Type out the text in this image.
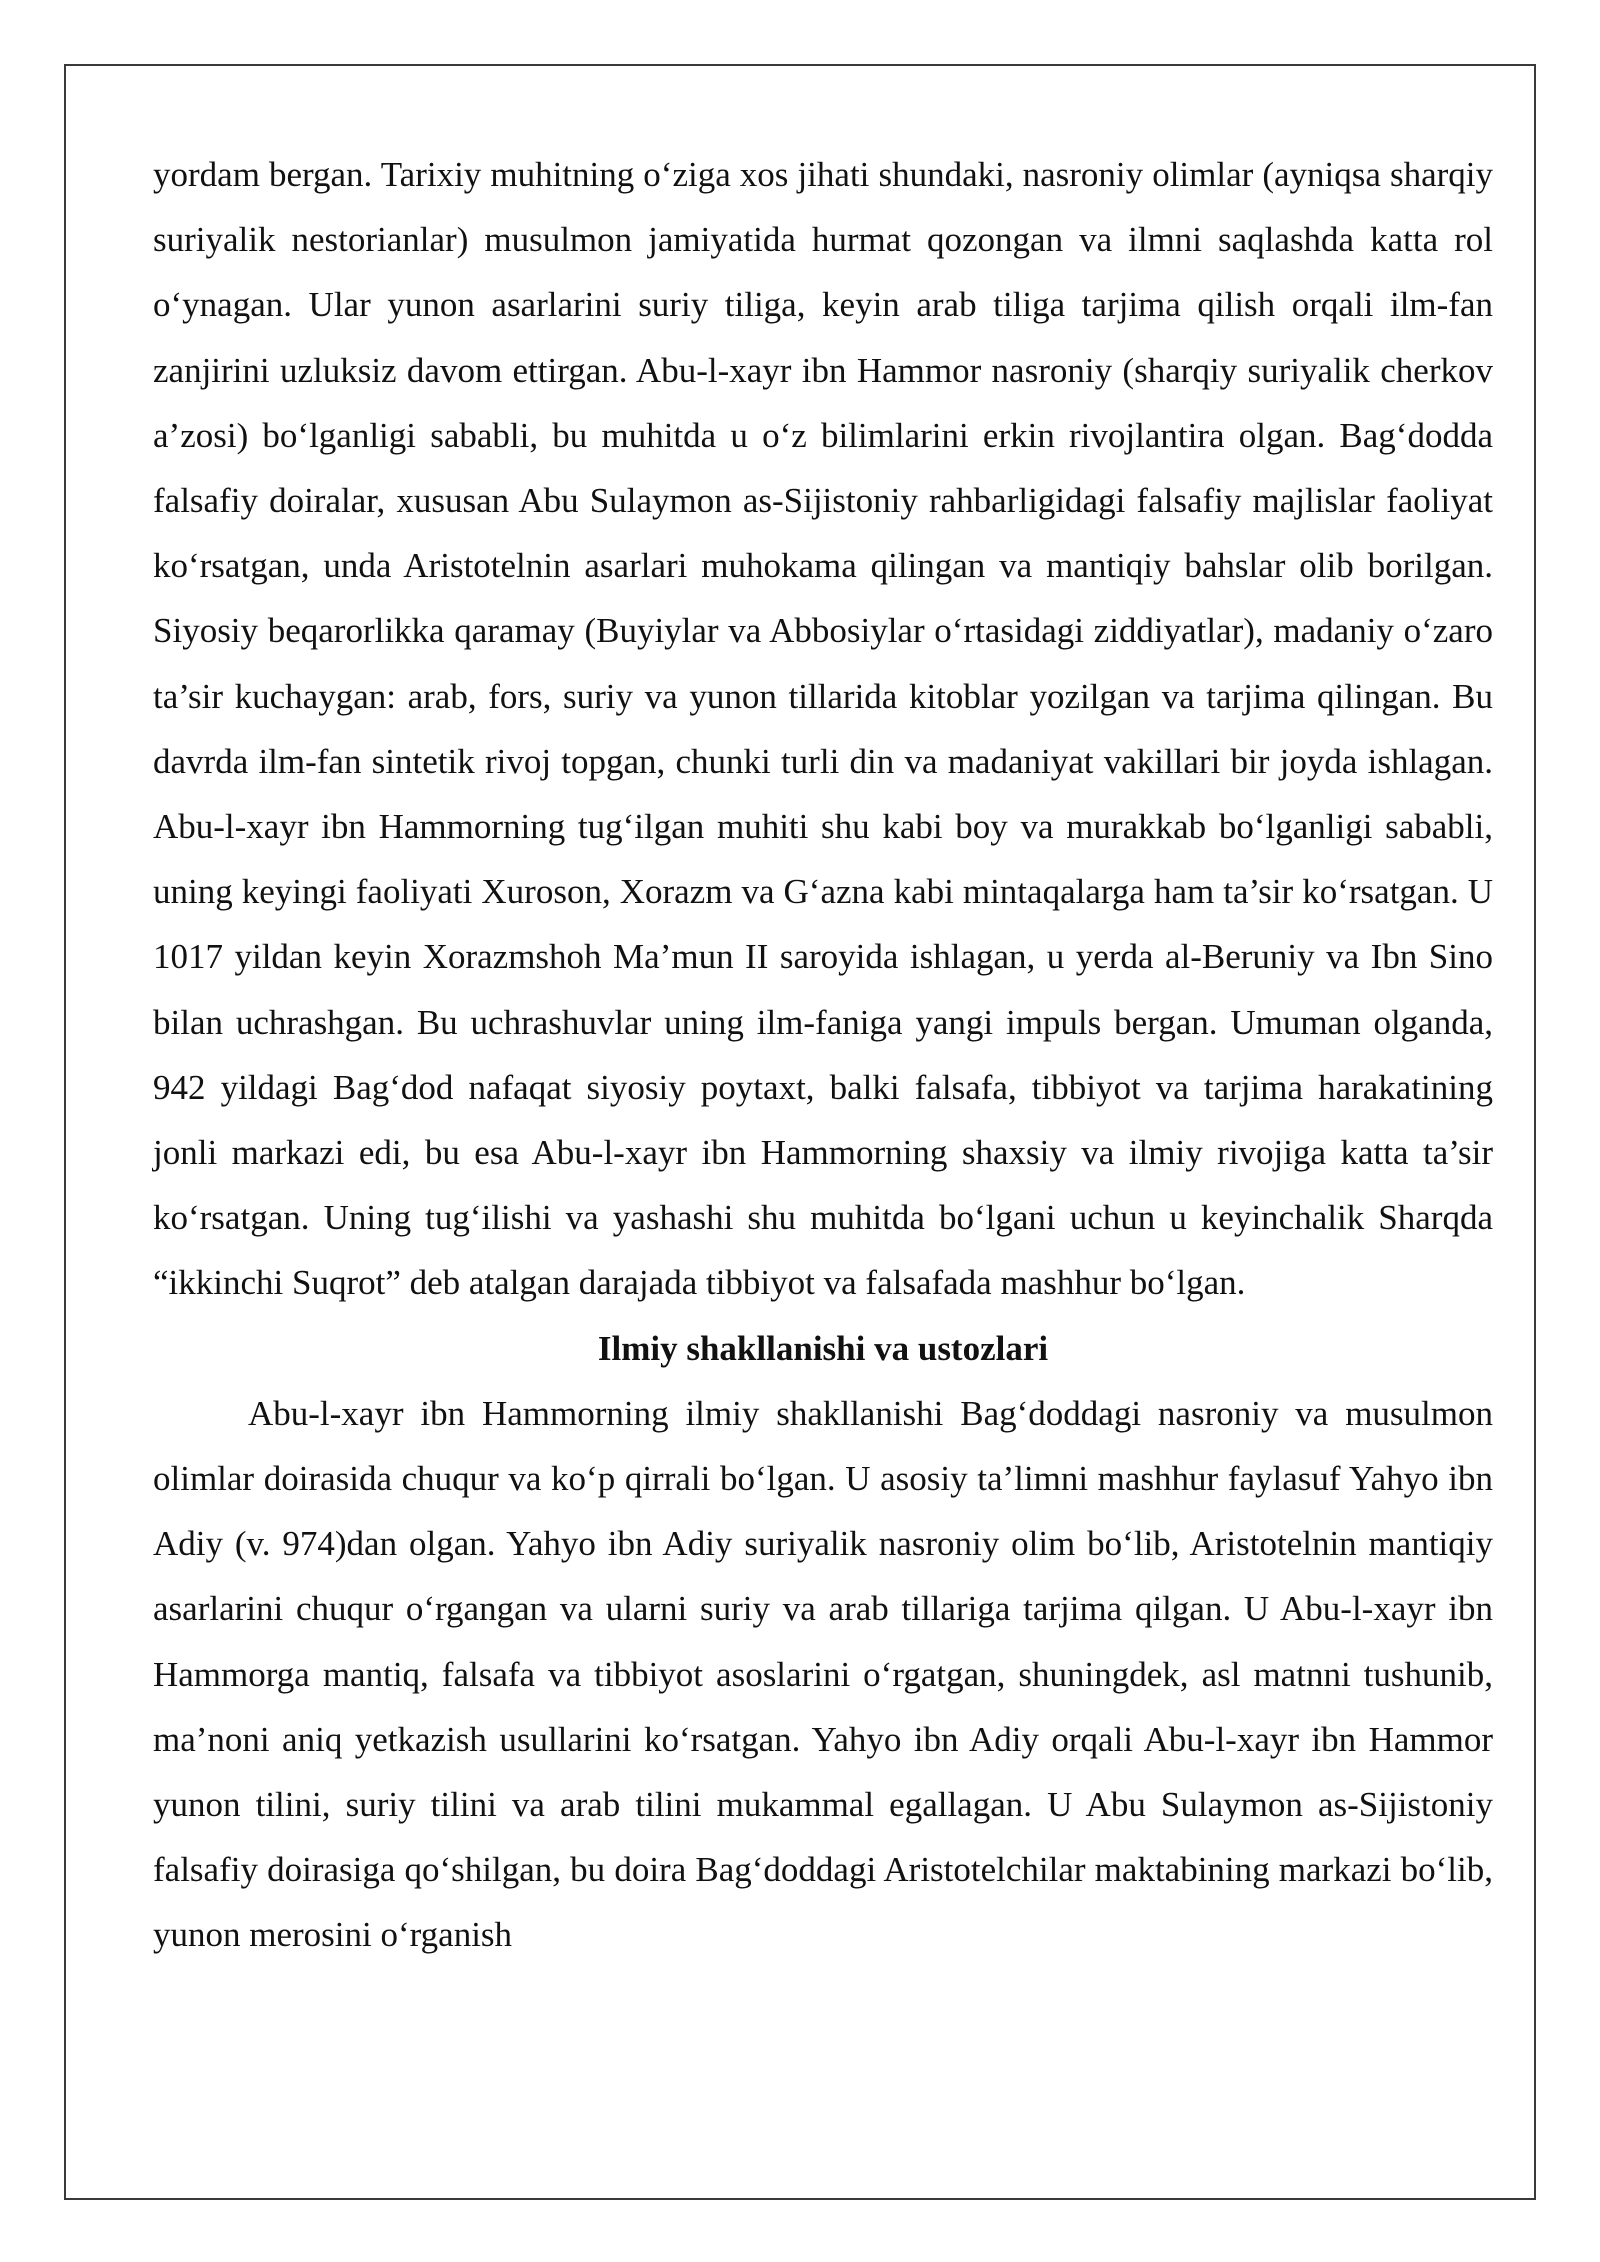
yordam bergan. Tarixiy muhitning o‘ziga xos jihati shundaki, nasroniy olimlar (ayniqsa sharqiy suriyalik nestorianlar) musulmon jamiyatida hurmat qozongan va ilmni saqlashda katta rol o‘ynagan. Ular yunon asarlarini suriy tiliga, keyin arab tiliga tarjima qilish orqali ilm-fan zanjirini uzluksiz davom ettirgan. Abu-l-xayr ibn Hammor nasroniy (sharqiy suriyalik cherkov a’zosi) bo‘lganligi sababli, bu muhitda u o‘z bilimlarini erkin rivojlantira olgan. Bag‘dodda falsafiy doiralar, xususan Abu Sulaymon as-Sijistoniy rahbarligidagi falsafiy majlislar faoliyat ko‘rsatgan, unda Aristotelnin asarlari muhokama qilingan va mantiqiy bahslar olib borilgan. Siyosiy beqarorlikka qaramay (Buyiylar va Abbosiylar o‘rtasidagi ziddiyatlar), madaniy o‘zaro ta’sir kuchaygan: arab, fors, suriy va yunon tillarida kitoblar yozilgan va tarjima qilingan. Bu davrda ilm-fan sintetik rivoj topgan, chunki turli din va madaniyat vakillari bir joyda ishlagan. Abu-l-xayr ibn Hammorning tug‘ilgan muhiti shu kabi boy va murakkab bo‘lganligi sababli, uning keyingi faoliyati Xuroson, Xorazm va G‘azna kabi mintaqalarga ham ta’sir ko‘rsatgan. U 1017 yildan keyin Xorazmshoh Ma’mun II saroyida ishlagan, u yerda al-Beruniy va Ibn Sino bilan uchrashgan. Bu uchrashuvlar uning ilm-faniga yangi impuls bergan. Umuman olganda, 942 yildagi Bag‘dod nafaqat siyosiy poytaxt, balki falsafa, tibbiyot va tarjima harakatining jonli markazi edi, bu esa Abu-l-xayr ibn Hammorning shaxsiy va ilmiy rivojiga katta ta’sir ko‘rsatgan. Uning tug‘ilishi va yashashi shu muhitda bo‘lgani uchun u keyinchalik Sharqda “ikkinchi Suqrot” deb atalgan darajada tibbiyot va falsafada mashhur bo‘lgan.

Ilmiy shakllanishi va ustozlari

Abu-l-xayr ibn Hammorning ilmiy shakllanishi Bag‘doddagi nasroniy va musulmon olimlar doirasida chuqur va ko‘p qirrali bo‘lgan. U asosiy ta’limni mashhur faylasuf Yahyo ibn Adiy (v. 974)dan olgan. Yahyo ibn Adiy suriyalik nasroniy olim bo‘lib, Aristotelnin mantiqiy asarlarini chuqur o‘rgangan va ularni suriy va arab tillariga tarjima qilgan. U Abu-l-xayr ibn Hammorga mantiq, falsafa va tibbiyot asoslarini o‘rgatgan, shuningdek, asl matnni tushunib, ma’noni aniq yetkazish usullarini ko‘rsatgan. Yahyo ibn Adiy orqali Abu-l-xayr ibn Hammor yunon tilini, suriy tilini va arab tilini mukammal egallagan. U Abu Sulaymon as-Sijistoniy falsafiy doirasiga qo‘shilgan, bu doira Bag‘doddagi Aristotelchilar maktabining markazi bo‘lib, yunon merosini o‘rganish
